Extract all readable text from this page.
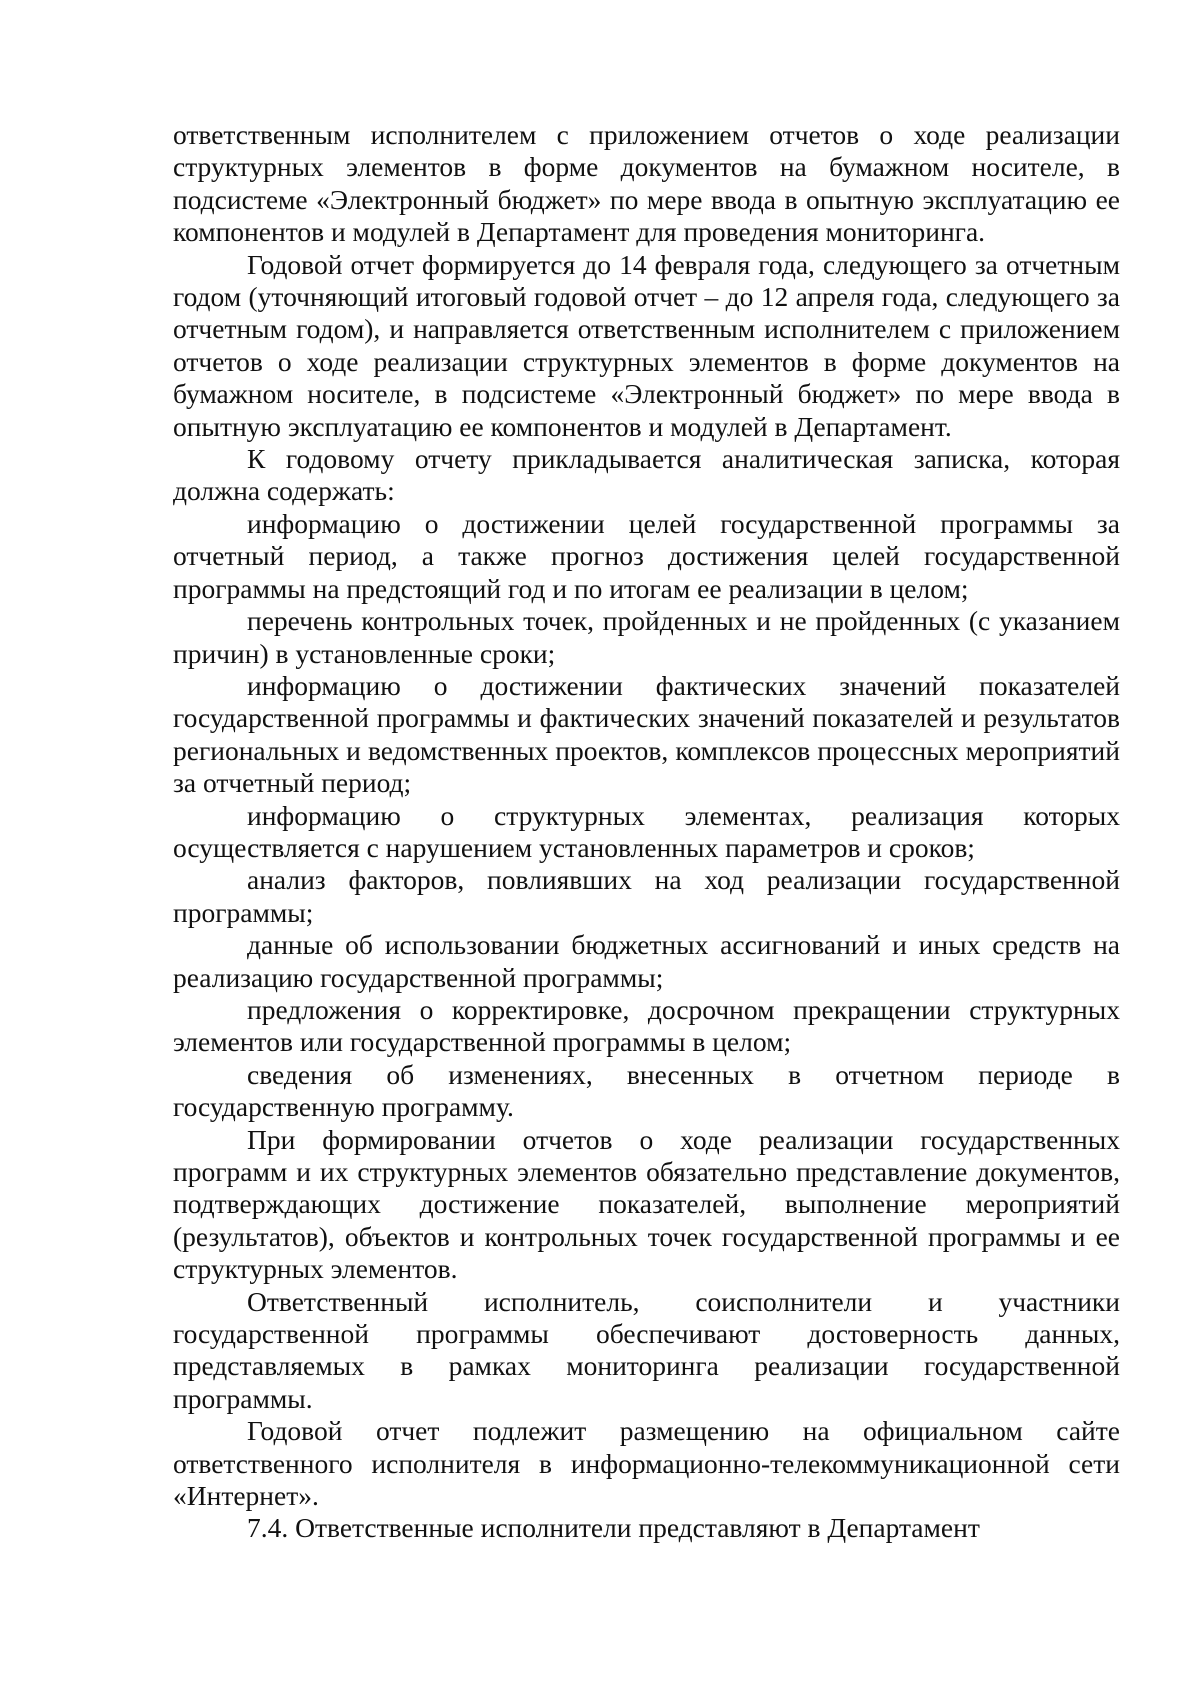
ответственным исполнителем с приложением отчетов о ходе реализации структурных элементов в форме документов на бумажном носителе, в подсистеме «Электронный бюджет» по мере ввода в опытную эксплуатацию ее компонентов и модулей в Департамент для проведения мониторинга.

Годовой отчет формируется до 14 февраля года, следующего за отчетным годом (уточняющий итоговый годовой отчет – до 12 апреля года, следующего за отчетным годом), и направляется ответственным исполнителем с приложением отчетов о ходе реализации структурных элементов в форме документов на бумажном носителе, в подсистеме «Электронный бюджет» по мере ввода в опытную эксплуатацию ее компонентов и модулей в Департамент.

К годовому отчету прикладывается аналитическая записка, которая должна содержать:

информацию о достижении целей государственной программы за отчетный период, а также прогноз достижения целей государственной программы на предстоящий год и по итогам ее реализации в целом;

перечень контрольных точек, пройденных и не пройденных (с указанием причин) в установленные сроки;

информацию о достижении фактических значений показателей государственной программы и фактических значений показателей и результатов региональных и ведомственных проектов, комплексов процессных мероприятий за отчетный период;

информацию о структурных элементах, реализация которых осуществляется с нарушением установленных параметров и сроков;

анализ факторов, повлиявших на ход реализации государственной программы;

данные об использовании бюджетных ассигнований и иных средств на реализацию государственной программы;

предложения о корректировке, досрочном прекращении структурных элементов или государственной программы в целом;

сведения об изменениях, внесенных в отчетном периоде в государственную программу.

При формировании отчетов о ходе реализации государственных программ и их структурных элементов обязательно представление документов, подтверждающих достижение показателей, выполнение мероприятий (результатов), объектов и контрольных точек государственной программы и ее структурных элементов.

Ответственный исполнитель, соисполнители и участники государственной программы обеспечивают достоверность данных, представляемых в рамках мониторинга реализации государственной программы.

Годовой отчет подлежит размещению на официальном сайте ответственного исполнителя в информационно-телекоммуникационной сети «Интернет».

7.4. Ответственные исполнители представляют в Департамент
